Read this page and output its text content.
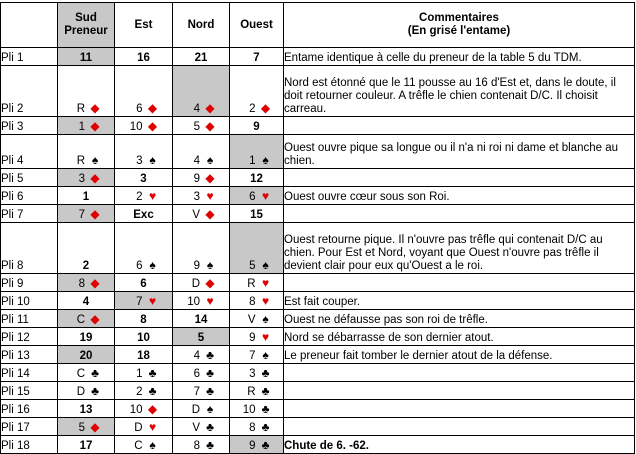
	Sud
Preneur	Est	Nord	Ouest	Commentaires
(En grisé l'entame)
Pli 1	11	16	21	7	Entame identique à celle du preneur de la table 5 du TDM.
Pli 2	R ◆	6 ◆	4 ◆	2 ◆	Nord est étonné que le 11 pousse au 16 d'Est et, dans le doute, il doit retourner couleur. A trêfle le chien contenait D/C. Il choisit carreau.
Pli 3	1 ◆	10 ◆	5 ◆	9	
Pli 4	R ♠	3 ♠	4 ♠	1 ♠	Ouest ouvre pique sa longue ou il n'a ni roi ni dame et blanche au chien.
Pli 5	3 ◆	3	9 ◆	12	
Pli 6	1	2 ♥	3 ♥	6 ♥	Ouest ouvre cœur sous son Roi.
Pli 7	7 ◆	Exc	V ◆	15	
Pli 8	2	6 ♠	9 ♠	5 ♠	Ouest retourne pique. Il n'ouvre pas trêfle qui contenait D/C au chien. Pour Est et Nord, voyant que Ouest n'ouvre pas trêfle il devient clair pour eux qu'Ouest a le roi.
Pli 9	8 ◆	6	D ◆	R ♥	
Pli 10	4	7 ♥	10 ♥	8 ♥	Est fait couper.
Pli 11	C ◆	8	14	V ♠	Ouest ne défausse pas son roi de trêfle.
Pli 12	19	10	5	9 ♥	Nord se débarrasse de son dernier atout.
Pli 13	20	18	4 ♣	7 ♠	Le preneur fait tomber le dernier atout de la défense.
Pli 14	C ♣	1 ♣	6 ♣	3 ♣	
Pli 15	D ♣	2 ♣	7 ♣	R ♣	
Pli 16	13	10 ◆	D ♠	10 ♣	
Pli 17	5 ◆	D ♥	V ♣	8 ♣	
Pli 18	17	C ♠	8 ♣	9 ♣	Chute de 6. -62.
